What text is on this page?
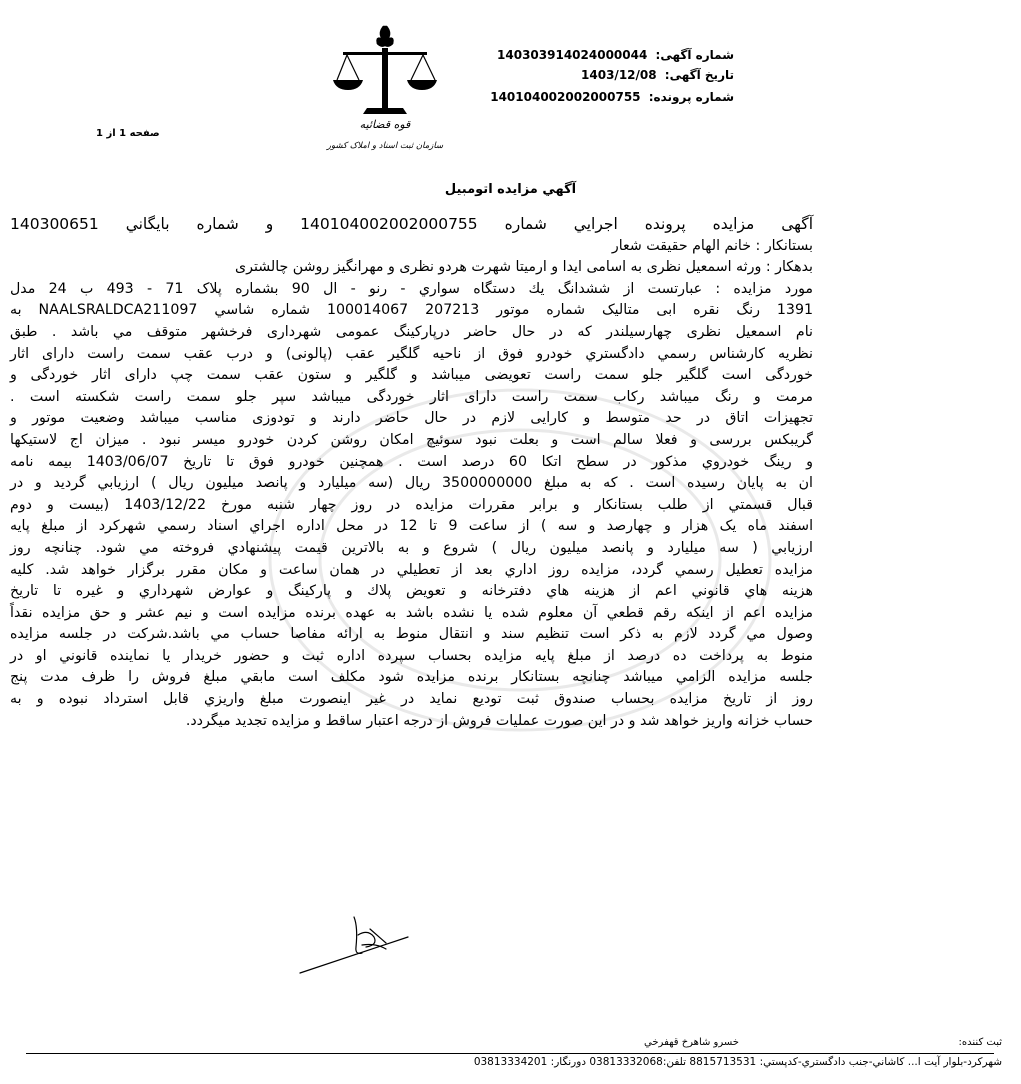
شماره آگهی: 140303914024000044
تاریخ آگهی: 1403/12/08
شماره پرونده: 140104002002000755
صفحه 1 از 1
قوه قضائیه
سازمان ثبت اسناد و املاک کشور
آگهي مزايده اتومبيل
آگهی مزایده پرونده اجرایي شماره 140104002002000755 و شماره بايگاني 140300651
بستانکار : خانم الهام حقیقت شعار
بدهکار : ورثه اسمعیل نظری به اسامی ایدا و ارمیتا شهرت هردو نظری و مهرانگیز روشن چالشتری
مورد مزایده : عبارتست از ششدانگ يك دستگاه سواري - رنو - ال 90 بشماره پلاک 71 - 493 ب 24 مدل
1391 رنگ نقره ابی متالیک شماره موتور 207213 100014067 شماره شاسي NAALSRALDCA211097 به
نام اسمعیل نظری چهارسیلندر که در حال حاضر درپارکینگ عمومی شهرداری فرخشهر متوقف مي باشد . طبق
نظریه کارشناس رسمي دادگستري خودرو فوق از ناحیه گلگیر عقب (پالونی) و درب عقب سمت راست دارای اثار
خوردگی است گلگیر جلو سمت راست تعویضی میباشد و گلگیر و ستون عقب سمت چپ دارای اثار خوردگی و
مرمت و رنگ میباشد رکاب سمت راست دارای اثار خوردگی میباشد سپر جلو سمت راست شکسته است .
تجهیزات اتاق در حد متوسط و کارایی لازم در حال حاضر دارند و تودوزی مناسب میباشد وضعیت موتور و
گریبکس بررسی و فعلا سالم است و بعلت نبود سوئیچ امکان روشن کردن خودرو میسر نبود . میزان اج لاستیکها
و رینگ خودروي مذکور در سطح اتکا 60 درصد است . همچنین خودرو فوق تا تاریخ 1403/06/07 بیمه نامه
ان به پایان رسیده است . که به مبلغ 3500000000 ريال (سه میلیارد و پانصد میلیون ریال ) ارزيابي گرديد و در
قبال قسمتي از طلب بستانكار و برابر مقررات مزايده در روز چهار شنبه مورخ 1403/12/22 (بیست و دوم
اسفند ماه یک هزار و چهارصد و سه ) از ساعت 9 تا 12 در محل اداره اجراي اسناد رسمي شهرکرد از مبلغ پايه
ارزيابي ( سه میلیارد و پانصد میلیون ریال ) شروع و به بالاترين قيمت پيشنهادي فروخته مي شود. چنانچه روز
مزايده تعطيل رسمي گردد، مزايده روز اداري بعد از تعطيلي در همان ساعت و مكان مقرر برگزار خواهد شد. كليه
هزينه هاي قانوني اعم از هزينه هاي دفترخانه و تعويض پلاك و پاركينگ و عوارض شهرداري و غيره تا تاريخ
مزايده اعم از اينكه رقم قطعي آن معلوم شده يا نشده باشد به عهده برنده مزايده است و نيم عشر و حق مزايده نقداً
وصول مي گردد لازم به ذكر است تنظيم سند و انتقال منوط به ارائه مفاصا حساب مي باشد.شرکت در جلسه مزایده
منوط به پرداخت ده درصد از مبلغ پایه مزایده بحساب سپرده اداره ثبت و حضور خریدار یا نماینده قانوني او در
جلسه مزایده الزامي میباشد چنانچه بستانکار برنده مزایده شود مكلف است مابقي مبلغ فروش را ظرف مدت پنج
روز از تاریخ مزایده بحساب صندوق ثبت تودیع نماید در غیر اینصورت مبلغ واریزي قابل استرداد نبوده و به
حساب خزانه واريز خواهد شد و در اين صورت عمليات فروش از درجه اعتبار ساقط و مزايده تجديد ميگردد.
ثبت كننده:
خسرو شاهرخ قهفرخي
شهرکرد-بلوار آیت ا... کاشاني-جنب دادگستري-کدپستي: 8815713531 تلفن:03813332068 دورنگار: 03813334201
